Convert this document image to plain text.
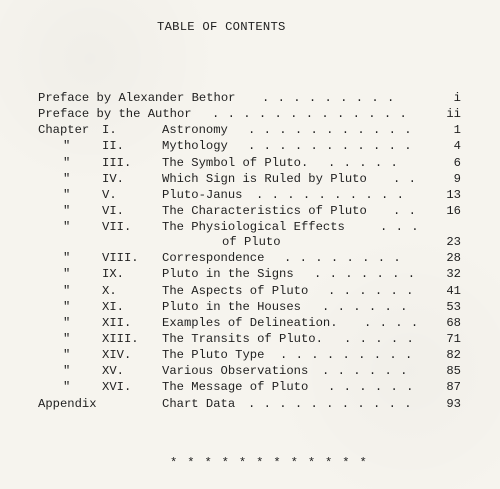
TABLE OF CONTENTS
Preface by Alexander Bethor . . . . . . . . .	i
Preface by the Author . . . . . . . . . . . . .	ii
Chapter I.	Astronomy . . . . . . . . . . .	1
"	II.	Mythology . . . . . . . . . . .	4
"	III.	The Symbol of Pluto. . . . . .	6
"	IV.	Which Sign is Ruled by Pluto . .	9
"	V.	Pluto-Janus . . . . . . . . . .	13
"	VI.	The Characteristics of Pluto . . 16
"	VII.	The Physiological Effects	. . .
of Pluto	23
"	VIII. Correspondence . . . . . . . .	28
"	IX.	Pluto in the Signs . . . . . . .	32
"	X.	The Aspects of Pluto . . . . . .	41
"	XI.	Pluto in the Houses . . . . . .	53
"	XII.	Examples of Delineation. . . . . 68
"	XIII. The Transits of Pluto. . . . . .	71
"	XIV.	The Pluto Type . . . . . . . . .	82
"	XV.	Various Observations . . . . . .	85
"	XVI.	The Message of Pluto . . . . . .	87
Appendix	Chart Data . . . . . . . . . . .	93
* * * * * * * * * * * *
